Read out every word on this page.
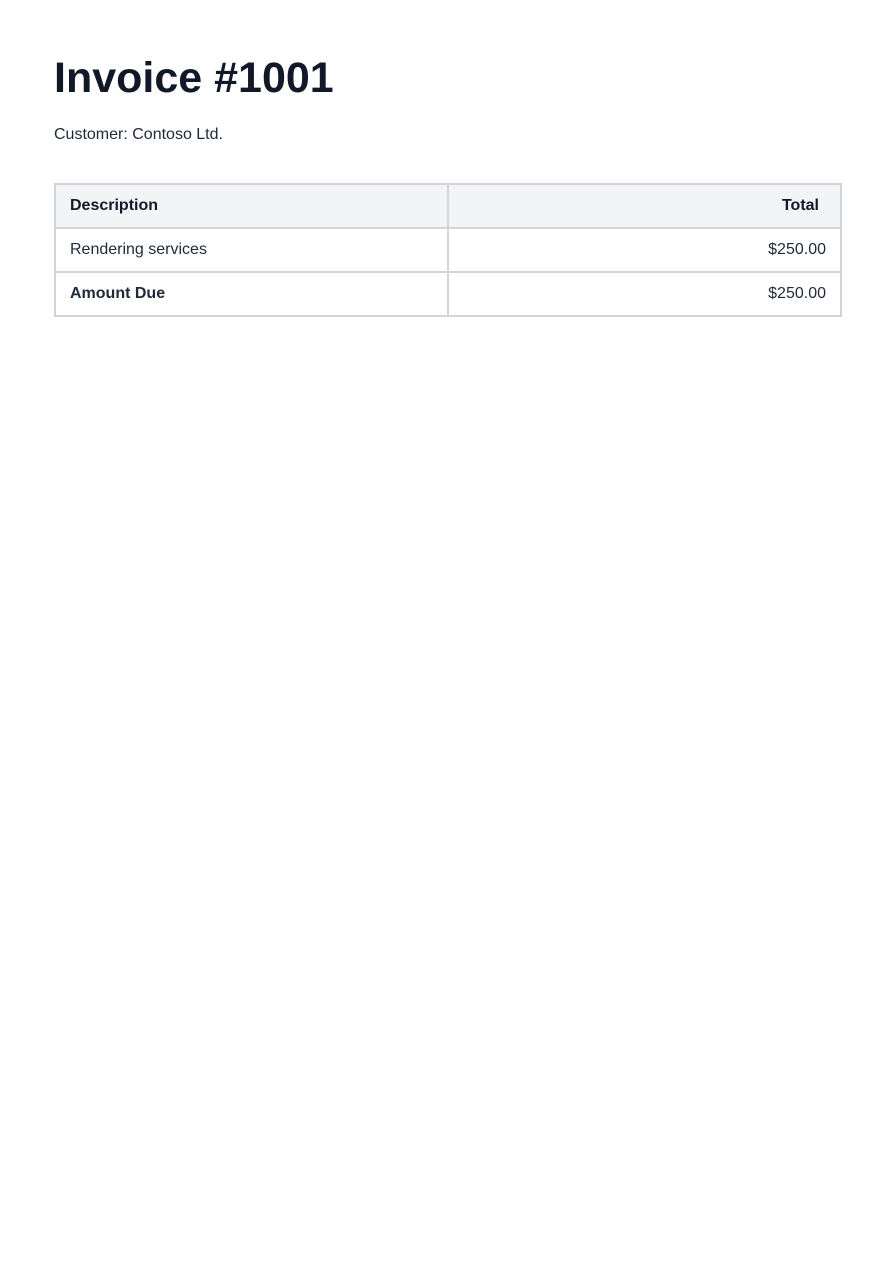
Invoice #1001
Customer: Contoso Ltd.
Description	Total
Rendering services	$250.00
Amount Due	$250.00
